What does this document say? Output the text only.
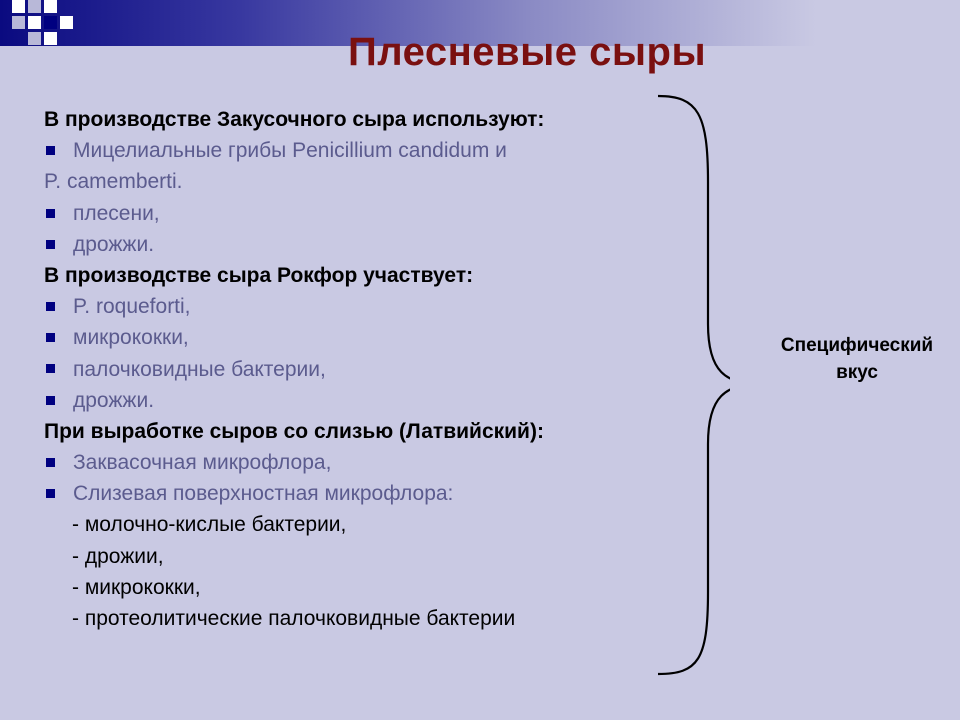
Плесневые сыры
В производстве Закусочного сыра используют:
Мицелиальные грибы Penicillium candidum и
P. camemberti.
плесени,
дрожжи.
В производстве сыра Рокфор участвует:
P. roqueforti,
микрококки,
палочковидные бактерии,
дрожжи.
При выработке сыров со слизью (Латвийский):
Заквасочная микрофлора,
Слизевая поверхностная микрофлора:
- молочно-кислые бактерии,
- дрожии,
- микрококки,
- протеолитические палочковидные бактерии
Специфический
вкус
